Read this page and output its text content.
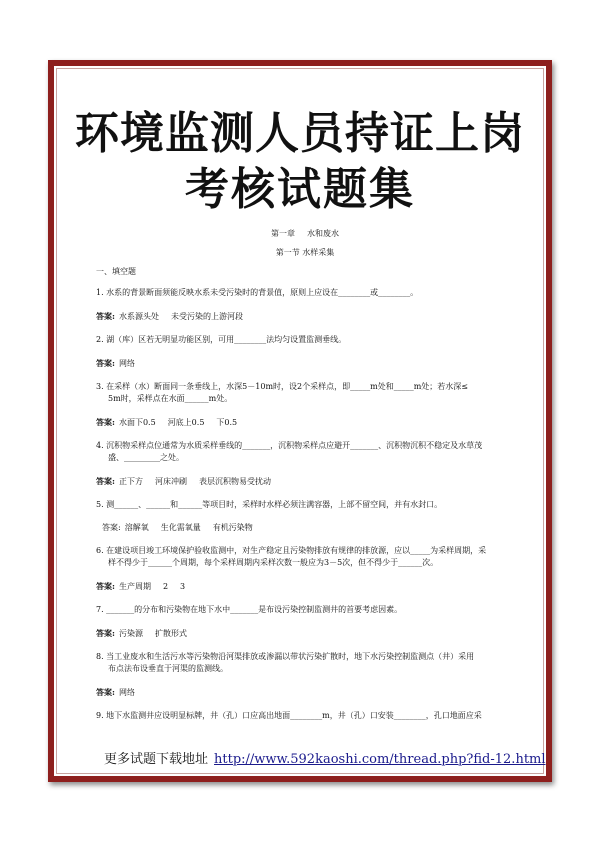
环境监测人员持证上岗
考核试题集
第一章 水和废水
第一节 水样采集
一、填空题
1. 水系的背景断面须能反映水系未受污染时的背景值，原则上应设在________或________。
答案: 水系源头处 未受污染的上游河段
2. 湖（库）区若无明显功能区别，可用________法均匀设置监测垂线。
答案: 网络
3. 在采样（水）断面同一条垂线上，水深5－10m时，设2个采样点，即_____m处和_____m处；若水深≤
5m时，采样点在水面______m处。
答案: 水面下0.5 河底上0.5 下0.5
4. 沉积物采样点位通常为水质采样垂线的_______，沉积物采样点应避开_______、沉积物沉积不稳定及水草茂
盛、_________之处。
答案: 正下方 河床冲刷 表层沉积物易受扰动
5. 测______、______和______等项目时，采样时水样必须注满容器，上部不留空间，并有水封口。
答案: 溶解氧 生化需氧量 有机污染物
6. 在建设项目竣工环境保护验收监测中，对生产稳定且污染物排放有规律的排放源，应以_____为采样周期，采
样不得少于______个周期，每个采样周期内采样次数一般应为3－5次，但不得少于______次。
答案: 生产周期 2 3
7. _______的分布和污染物在地下水中_______是布设污染控制监测井的首要考虑因素。
答案: 污染源 扩散形式
8. 当工业废水和生活污水等污染物沿河渠排放或渗漏以带状污染扩散时，地下水污染控制监测点（井）采用
布点法布设垂直于河渠的监测线。
答案: 网络
9. 地下水监测井应设明显标牌，井（孔）口应高出地面________m，井（孔）口安装________，孔口地面应采
更多试题下载地址 http://www.592kaoshi.com/thread.php?fid-12.html
